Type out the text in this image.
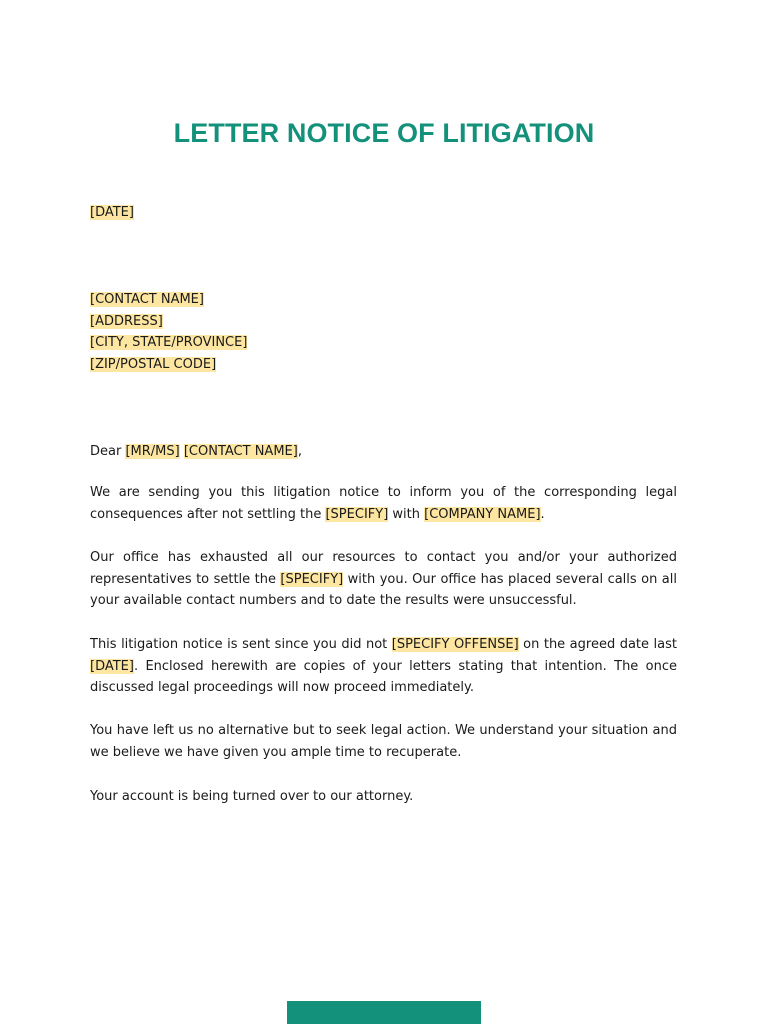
LETTER NOTICE OF LITIGATION
[DATE]
[CONTACT NAME]
[ADDRESS]
[CITY, STATE/PROVINCE]
[ZIP/POSTAL CODE]
Dear [MR/MS] [CONTACT NAME],
We are sending you this litigation notice to inform you of the corresponding legal consequences after not settling the [SPECIFY] with [COMPANY NAME].
Our office has exhausted all our resources to contact you and/or your authorized representatives to settle the [SPECIFY] with you. Our office has placed several calls on all your available contact numbers and to date the results were unsuccessful.
This litigation notice is sent since you did not [SPECIFY OFFENSE] on the agreed date last [DATE]. Enclosed herewith are copies of your letters stating that intention. The once discussed legal proceedings will now proceed immediately.
You have left us no alternative but to seek legal action. We understand your situation and we believe we have given you ample time to recuperate.
Your account is being turned over to our attorney.
